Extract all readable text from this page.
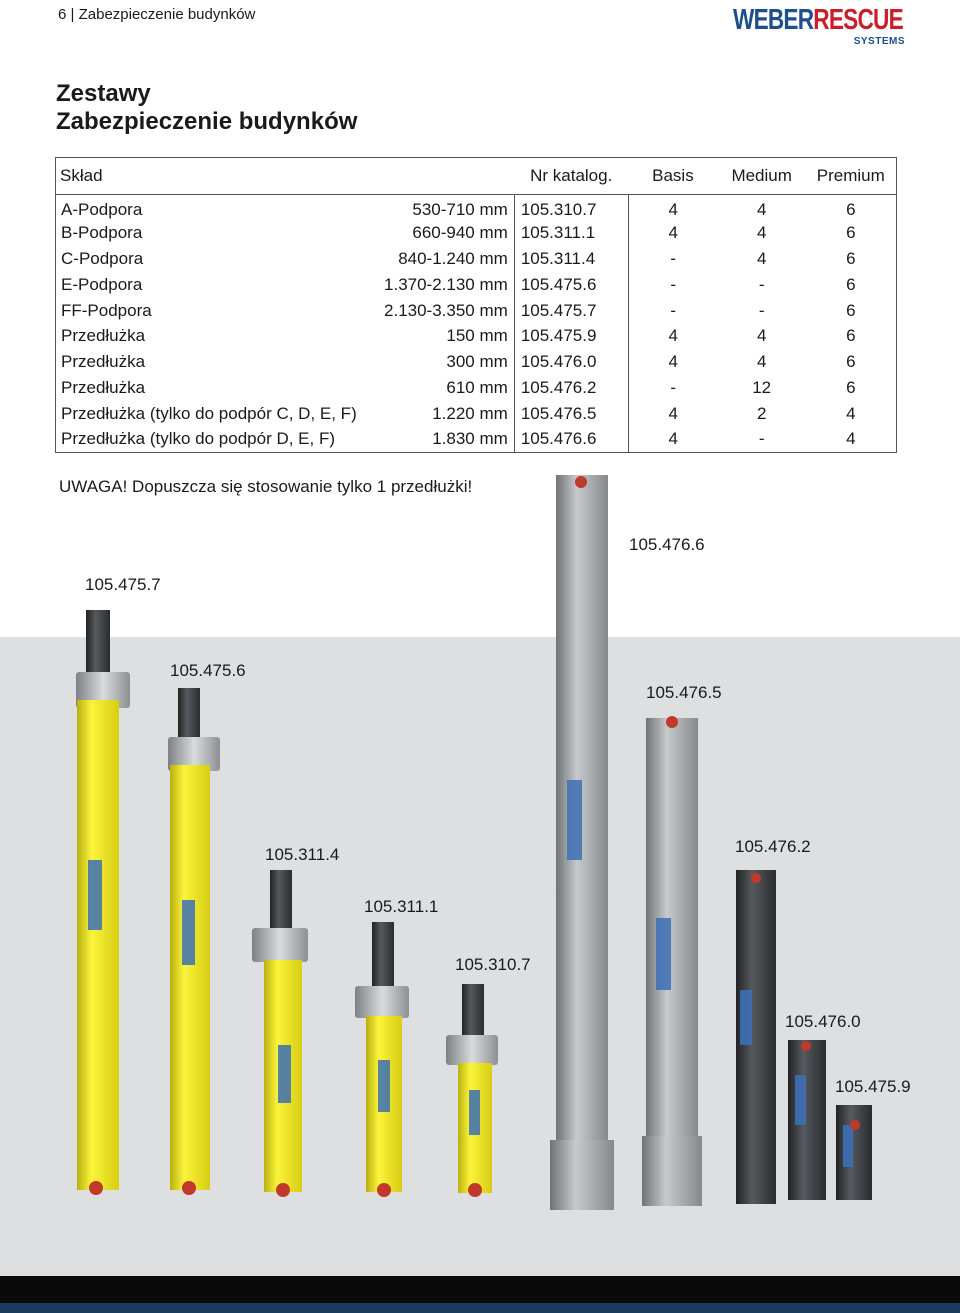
6 | Zabezpieczenie budynków	WEBERRESCUE
SYSTEMS
Zestawy
Zabezpieczenie budynków
Skład		Nr katalog.	Basis	Medium	Premium
A-Podpora	530-710 mm	105.310.7	4	4	6
B-Podpora	660-940 mm	105.311.1	4	4	6
C-Podpora	840-1.240 mm	105.311.4	-	4	6
E-Podpora	1.370-2.130 mm	105.475.6	-	-	6
FF-Podpora	2.130-3.350 mm	105.475.7	-	-	6
Przedłużka	150 mm	105.475.9	4	4	6
Przedłużka	300 mm	105.476.0	4	4	6
Przedłużka	610 mm	105.476.2	-	12	6
Przedłużka (tylko do podpór C, D, E, F)	1.220 mm	105.476.5	4	2	4
Przedłużka (tylko do podpór D, E, F)	1.830 mm	105.476.6	4	-	4
UWAGA! Dopuszcza się stosowanie tylko 1 przedłużki!
105.476.6
105.475.7
105.475.6
105.476.5
105.311.4	105.476.2
105.311.1
105.310.7
105.476.0
105.475.9
